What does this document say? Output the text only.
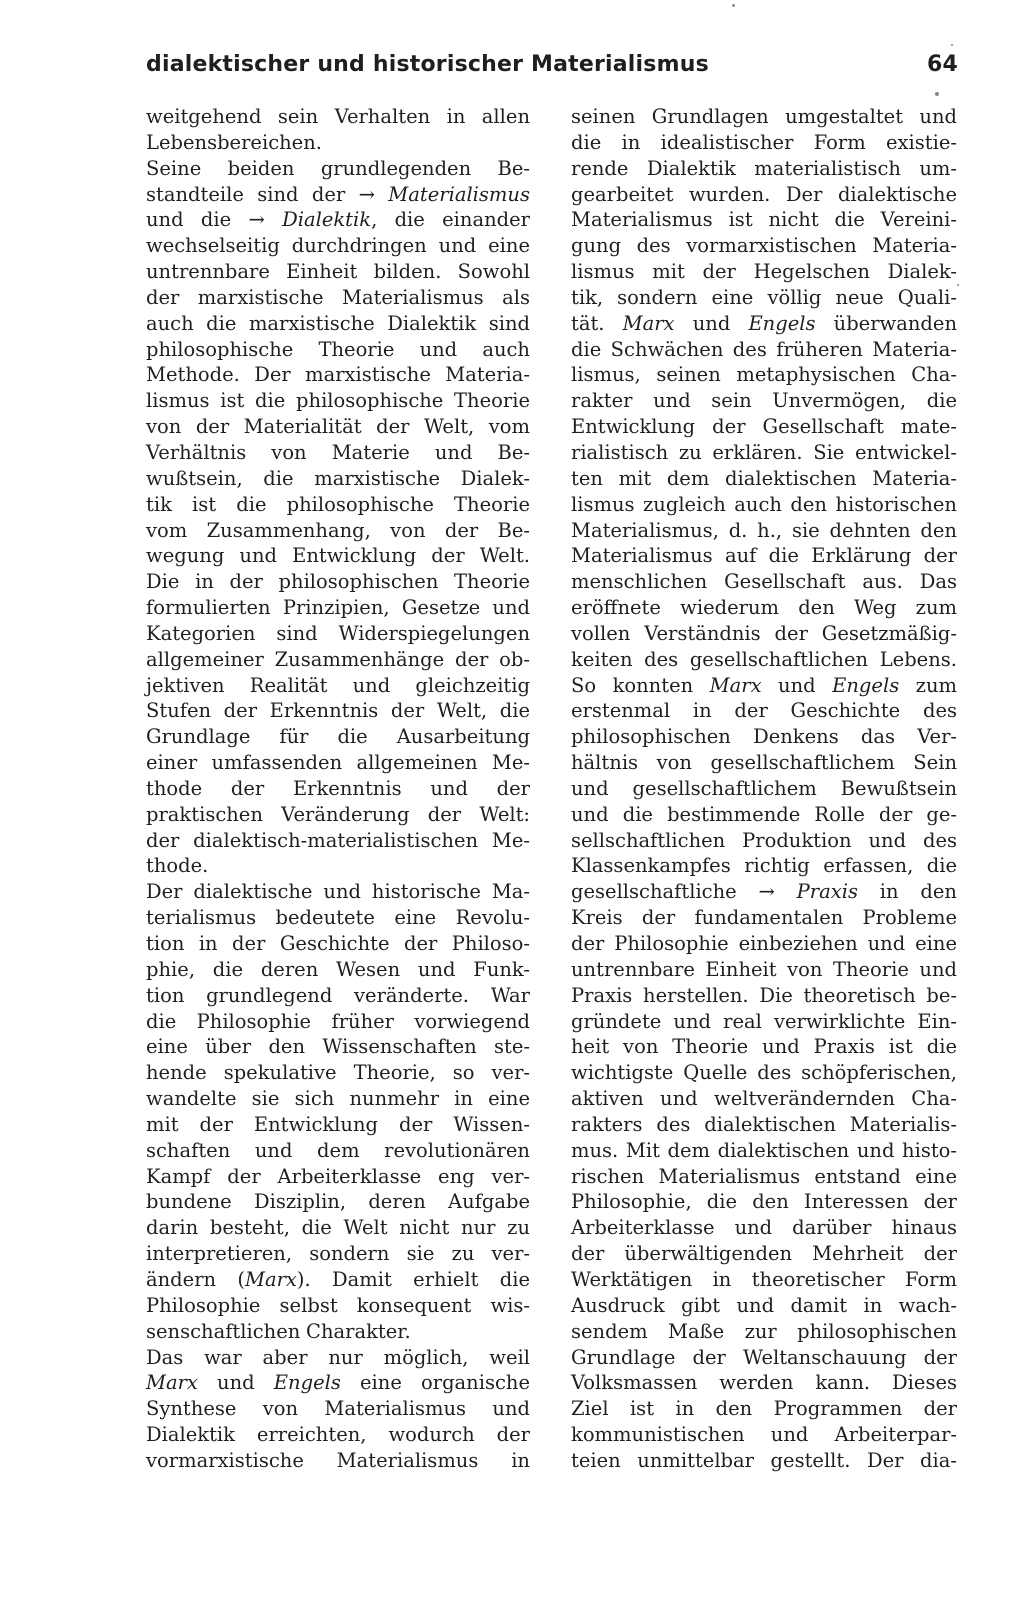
dialektischer und historischer Materialismus	64
weitgehend sein Verhalten in allen
Lebensbereichen.
Seine beiden grundlegenden Be-
standteile sind der → Materialismus
und die → Dialektik, die einander
wechselseitig durchdringen und eine
untrennbare Einheit bilden. Sowohl
der marxistische Materialismus als
auch die marxistische Dialektik sind
philosophische Theorie und auch
Methode. Der marxistische Materia-
lismus ist die philosophische Theorie
von der Materialität der Welt, vom
Verhältnis von Materie und Be-
wußtsein, die marxistische Dialek-
tik ist die philosophische Theorie
vom Zusammenhang, von der Be-
wegung und Entwicklung der Welt.
Die in der philosophischen Theorie
formulierten Prinzipien, Gesetze und
Kategorien sind Widerspiegelungen
allgemeiner Zusammenhänge der ob-
jektiven Realität und gleichzeitig
Stufen der Erkenntnis der Welt, die
Grundlage für die Ausarbeitung
einer umfassenden allgemeinen Me-
thode der Erkenntnis und der
praktischen Veränderung der Welt:
der dialektisch-materialistischen Me-
thode.
Der dialektische und historische Ma-
terialismus bedeutete eine Revolu-
tion in der Geschichte der Philoso-
phie, die deren Wesen und Funk-
tion grundlegend veränderte. War
die Philosophie früher vorwiegend
eine über den Wissenschaften ste-
hende spekulative Theorie, so ver-
wandelte sie sich nunmehr in eine
mit der Entwicklung der Wissen-
schaften und dem revolutionären
Kampf der Arbeiterklasse eng ver-
bundene Disziplin, deren Aufgabe
darin besteht, die Welt nicht nur zu
interpretieren, sondern sie zu ver-
ändern (Marx). Damit erhielt die
Philosophie selbst konsequent wis-
senschaftlichen Charakter.
Das war aber nur möglich, weil
Marx und Engels eine organische
Synthese von Materialismus und
Dialektik erreichten, wodurch der
vormarxistische Materialismus in
seinen Grundlagen umgestaltet und
die in idealistischer Form existie-
rende Dialektik materialistisch um-
gearbeitet wurden. Der dialektische
Materialismus ist nicht die Vereini-
gung des vormarxistischen Materia-
lismus mit der Hegelschen Dialek-
tik, sondern eine völlig neue Quali-
tät. Marx und Engels überwanden
die Schwächen des früheren Materia-
lismus, seinen metaphysischen Cha-
rakter und sein Unvermögen, die
Entwicklung der Gesellschaft mate-
rialistisch zu erklären. Sie entwickel-
ten mit dem dialektischen Materia-
lismus zugleich auch den historischen
Materialismus, d. h., sie dehnten den
Materialismus auf die Erklärung der
menschlichen Gesellschaft aus. Das
eröffnete wiederum den Weg zum
vollen Verständnis der Gesetzmäßig-
keiten des gesellschaftlichen Lebens.
So konnten Marx und Engels zum
erstenmal in der Geschichte des
philosophischen Denkens das Ver-
hältnis von gesellschaftlichem Sein
und gesellschaftlichem Bewußtsein
und die bestimmende Rolle der ge-
sellschaftlichen Produktion und des
Klassenkampfes richtig erfassen, die
gesellschaftliche → Praxis in den
Kreis der fundamentalen Probleme
der Philosophie einbeziehen und eine
untrennbare Einheit von Theorie und
Praxis herstellen. Die theoretisch be-
gründete und real verwirklichte Ein-
heit von Theorie und Praxis ist die
wichtigste Quelle des schöpferischen,
aktiven und weltverändernden Cha-
rakters des dialektischen Materialis-
mus. Mit dem dialektischen und histo-
rischen Materialismus entstand eine
Philosophie, die den Interessen der
Arbeiterklasse und darüber hinaus
der überwältigenden Mehrheit der
Werktätigen in theoretischer Form
Ausdruck gibt und damit in wach-
sendem Maße zur philosophischen
Grundlage der Weltanschauung der
Volksmassen werden kann. Dieses
Ziel ist in den Programmen der
kommunistischen und Arbeiterpar-
teien unmittelbar gestellt. Der dia-
